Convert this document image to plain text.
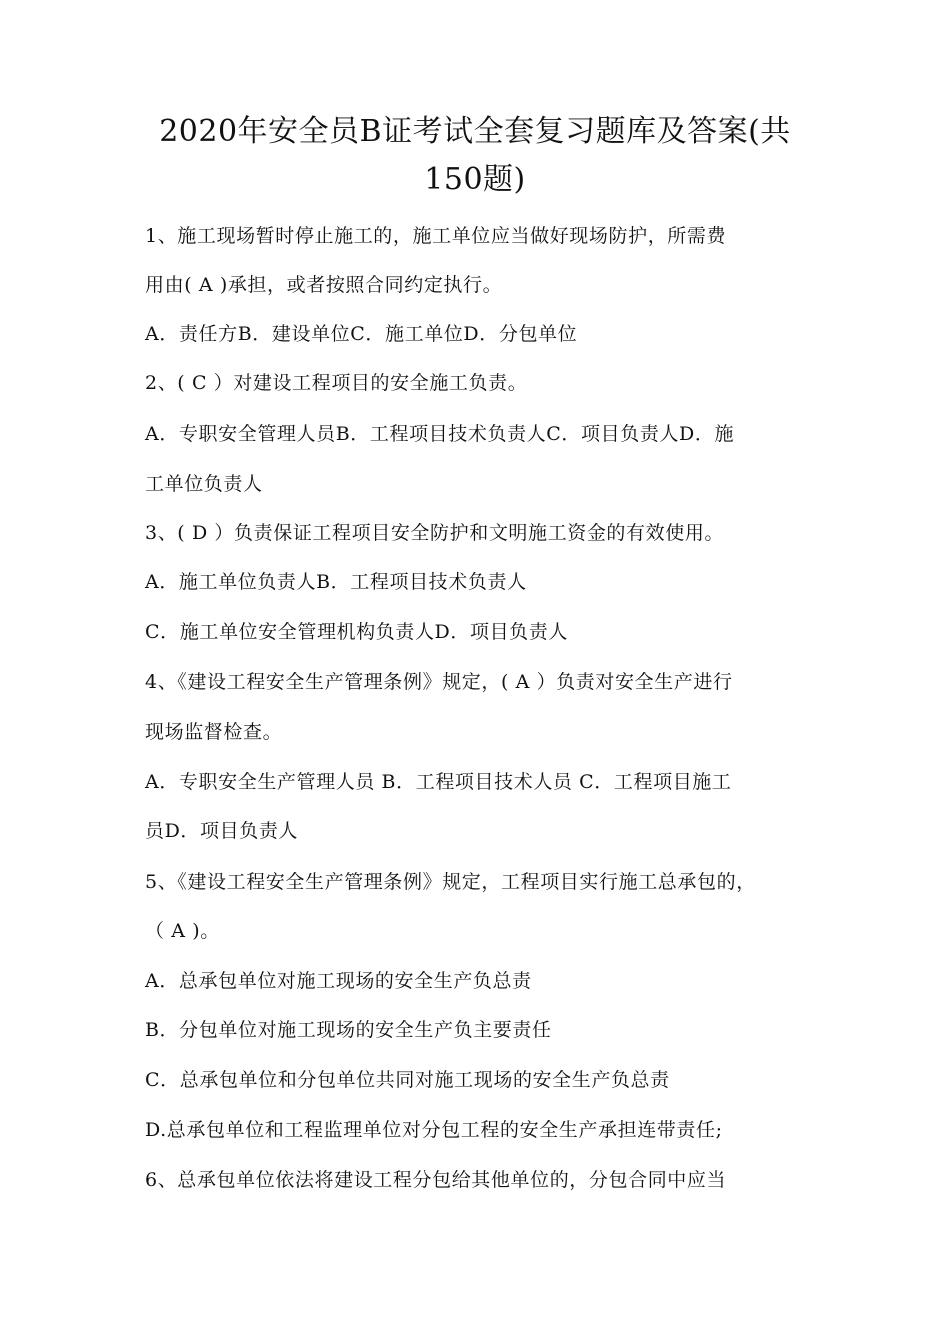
2020年安全员B证考试全套复习题库及答案(共
150题)
1、施工现场暂时停止施工的，施工单位应当做好现场防护，所需费
用由( A )承担，或者按照合同约定执行。
A．责任方B．建设单位C．施工单位D．分包单位
2、( C ）对建设工程项目的安全施工负责。
A．专职安全管理人员B．工程项目技术负责人C．项目负责人D．施
工单位负责人
3、( D ）负责保证工程项目安全防护和文明施工资金的有效使用。
A．施工单位负责人B．工程项目技术负责人
C．施工单位安全管理机构负责人D．项目负责人
4、《建设工程安全生产管理条例》规定，( A ）负责对安全生产进行
现场监督检查。
A．专职安全生产管理人员 B．工程项目技术人员 C．工程项目施工
员D．项目负责人
5、《建设工程安全生产管理条例》规定，工程项目实行施工总承包的，
（ A )。
A．总承包单位对施工现场的安全生产负总责
B．分包单位对施工现场的安全生产负主要责任
C．总承包单位和分包单位共同对施工现场的安全生产负总责
D.总承包单位和工程监理单位对分包工程的安全生产承担连带责任;
6、总承包单位依法将建设工程分包给其他单位的，分包合同中应当
